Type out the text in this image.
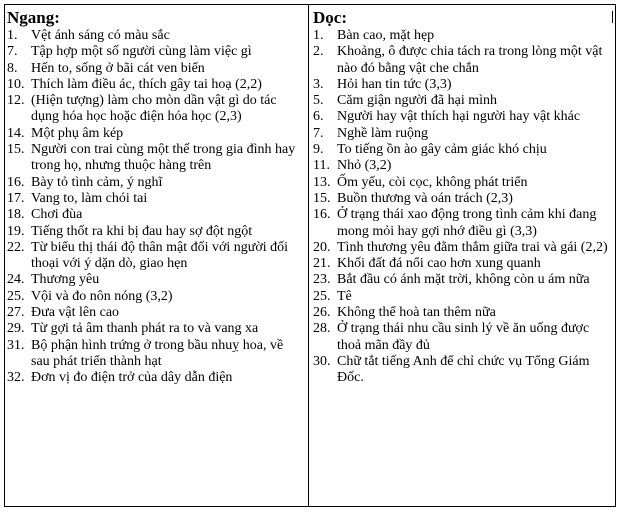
Ngang:
1. Vệt ánh sáng có màu sắc
7. Tập hợp một số người cùng làm việc gì
8. Hến to, sống ở bãi cát ven biển
10. Thích làm điều ác, thích gây tai hoạ (2,2)
12. (Hiện tượng) làm cho mòn dần vật gì do tác dụng hóa học hoặc điện hóa học (2,3)
14. Một phụ âm kép
15. Người con trai cùng một thế trong gia đình hay trong họ, nhưng thuộc hàng trên
16. Bày tỏ tình cảm, ý nghĩ
17. Vang to, làm chói tai
18. Chơi đùa
19. Tiếng thốt ra khi bị đau hay sợ đột ngột
22. Từ biểu thị thái độ thân mật đối với người đối thoại với ý dặn dò, giao hẹn
24. Thương yêu
25. Vội và đo nôn nóng (3,2)
27. Đưa vật lên cao
29. Từ gợi tả âm thanh phát ra to và vang xa
31. Bộ phận hình trứng ở trong bầu nhuỵ hoa, về sau phát triển thành hạt
32. Đơn vị đo điện trở của dây dẫn điện
Dọc:
1. Bàn cao, mặt hẹp
2. Khoảng, ô được chia tách ra trong lòng một vật nào đó bằng vật che chắn
3. Hỏi han tin tức (3,3)
5. Căm giận người đã hại mình
6. Người hay vật thích hại người hay vật khác
7. Nghề làm ruộng
9. To tiếng ồn ào gây cảm giác khó chịu
11. Nhỏ (3,2)
13. Ốm yếu, còi cọc, không phát triển
15. Buồn thương và oán trách (2,3)
16. Ở trạng thái xao động trong tình cảm khi đang mong mỏi hay gợi nhớ điều gì (3,3)
20. Tình thương yêu đằm thắm giữa trai và gái (2,2)
21. Khối đất đá nổi cao hơn xung quanh
23. Bắt đầu có ánh mặt trời, không còn u ám nữa
25. Tê
26. Không thể hoà tan thêm nữa
28. Ở trạng thái nhu cầu sinh lý về ăn uống được thoả mãn đầy đủ
30. Chữ tắt tiếng Anh để chỉ chức vụ Tổng Giám Đốc.
